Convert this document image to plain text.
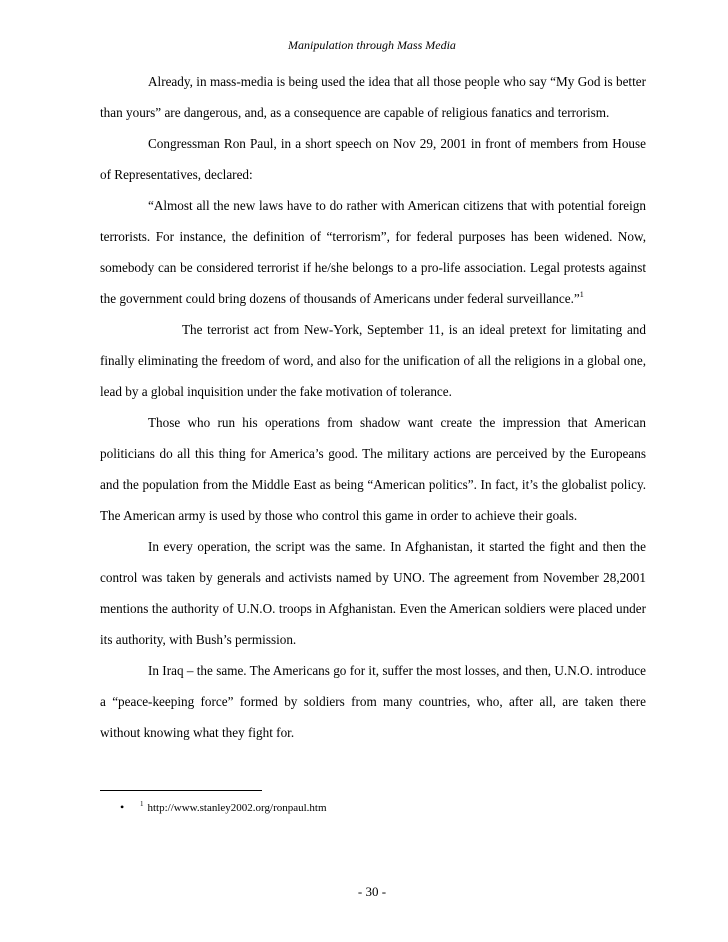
Manipulation through Mass Media

Already, in mass-media is being used the idea that all those people who say “My God is better than yours” are dangerous, and, as a consequence are capable of religious fanatics and terrorism.

Congressman Ron Paul, in a short speech on Nov 29, 2001 in front of members from House of Representatives, declared:

“Almost all the new laws have to do rather with American citizens that with potential foreign terrorists. For instance, the definition of “terrorism”, for federal purposes has been widened. Now, somebody can be considered terrorist if he/she belongs to a pro-life association. Legal protests against the government could bring dozens of thousands of Americans under federal surveillance.”$^1$

The terrorist act from New-York, September 11, is an ideal pretext for limitating and finally eliminating the freedom of word, and also for the unification of all the religions in a global one, lead by a global inquisition under the fake motivation of tolerance.

Those who run his operations from shadow want create the impression that American politicians do all this thing for America’s good. The military actions are perceived by the Europeans and the population from the Middle East as being “American politics”. In fact, it’s the globalist policy. The American army is used by those who control this game in order to achieve their goals.

In every operation, the script was the same. In Afghanistan, it started the fight and then the control was taken by generals and activists named by UNO. The agreement from November 28,2001 mentions the authority of U.N.O. troops in Afghanistan. Even the American soldiers were placed under its authority, with Bush’s permission.

In Iraq – the same. The Americans go for it, suffer the most losses, and then, U.N.O. introduce a “peace-keeping force” formed by soldiers from many countries, who, after all, are taken there without knowing what they fight for.

• $^1$ http://www.stanley2002.org/ronpaul.htm
- 30 -
